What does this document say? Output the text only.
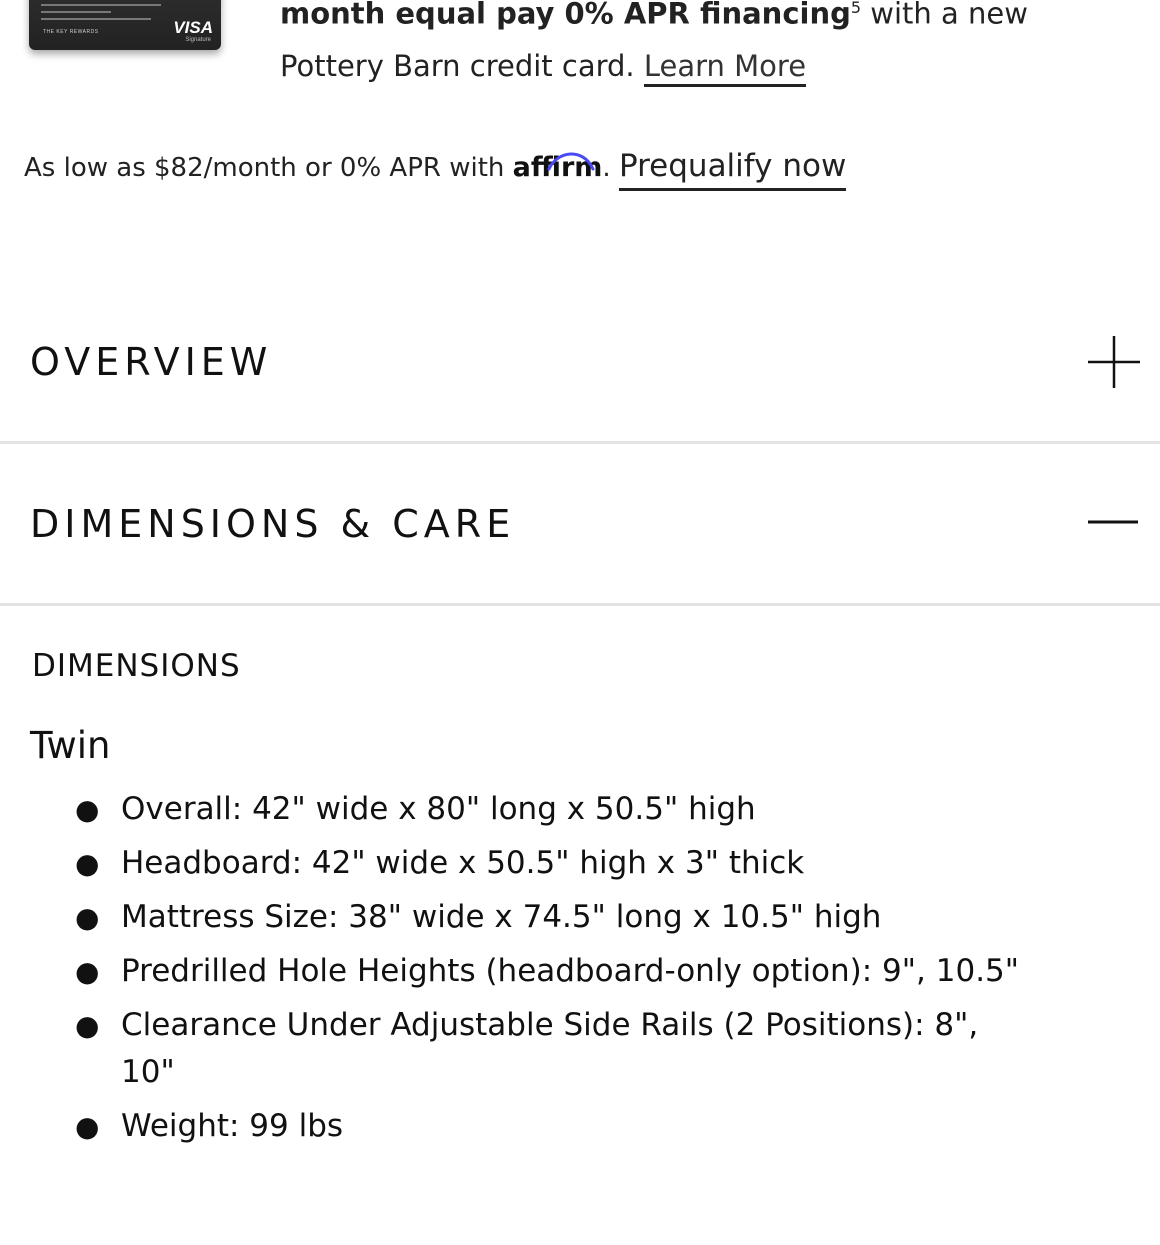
THE KEY REWARDS	VISA
Signature
month equal pay 0% APR financing$^5$ with a new Pottery Barn credit card. Learn More
As low as $82/month or 0% APR with affirm
. Prequalify now
OVERVIEW
DIMENSIONS & CARE
DIMENSIONS
Twin
● Overall: 42" wide x 80" long x 50.5" high
● Headboard: 42" wide x 50.5" high x 3" thick
● Mattress Size: 38" wide x 74.5" long x 10.5" high
● Predrilled Hole Heights (headboard-only option): 9", 10.5"
● Clearance Under Adjustable Side Rails (2 Positions): 8", 10"
● Weight: 99 lbs
